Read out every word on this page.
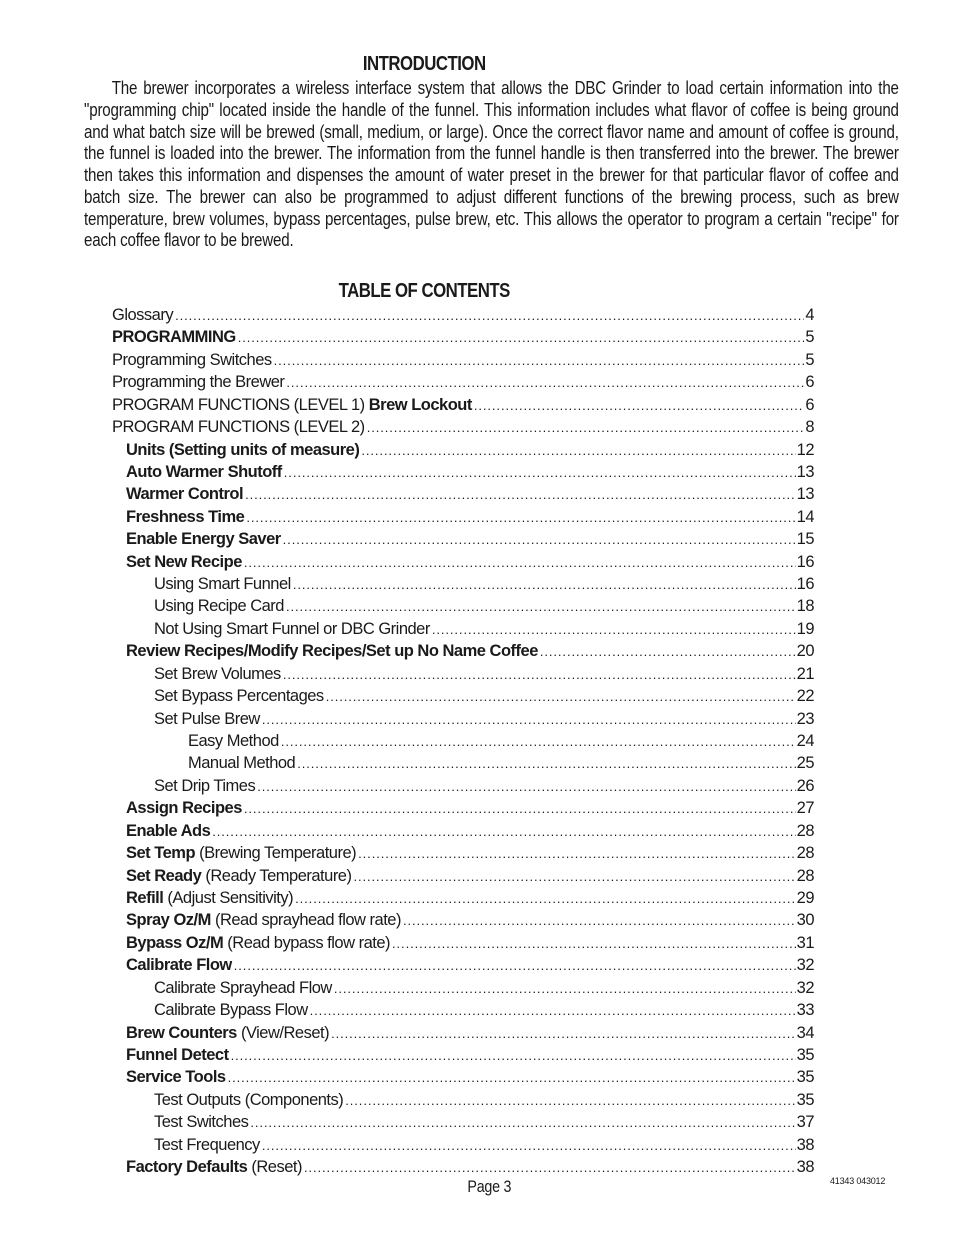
INTRODUCTION

The brewer incorporates a wireless interface system that allows the DBC Grinder to load certain information into the "programming chip" located inside the handle of the funnel. This information includes what flavor of coffee is being ground and what batch size will be brewed (small, medium, or large). Once the correct flavor name and amount of coffee is ground, the funnel is loaded into the brewer. The information from the funnel handle is then transferred into the brewer. The brewer then takes this information and dispenses the amount of water preset in the brewer for that particular flavor of coffee and batch size. The brewer can also be programmed to adjust different functions of the brewing process, such as brew temperature, brew volumes, bypass percentages, pulse brew, etc. This allows the operator to program a certain "recipe" for each coffee flavor to be brewed.

TABLE OF CONTENTS
Glossary .....	4
PROGRAMMING .....	5
Programming Switches .....	5
Programming the Brewer .....	6
PROGRAM FUNCTIONS (LEVEL 1) Brew Lockout .....	6
PROGRAM FUNCTIONS (LEVEL 2) .....	8
Units (Setting units of measure) .....	12
Auto Warmer Shutoff .....	13
Warmer Control .....	13
Freshness Time .....	14
Enable Energy Saver .....	15
Set New Recipe .....	16
Using Smart Funnel .....	16
Using Recipe Card .....	18
Not Using Smart Funnel or DBC Grinder .....	19
Review Recipes/Modify Recipes/Set up No Name Coffee .....	20
Set Brew Volumes .....	21
Set Bypass Percentages .....	22
Set Pulse Brew .....	23
Easy Method .....	24
Manual Method .....	25
Set Drip Times .....	26
Assign Recipes .....	27
Enable Ads .....	28
Set Temp (Brewing Temperature) .....	28
Set Ready (Ready Temperature) .....	28
Refill (Adjust Sensitivity) .....	29
Spray Oz/M (Read sprayhead flow rate) .....	30
Bypass Oz/M (Read bypass flow rate) .....	31
Calibrate Flow .....	32
Calibrate Sprayhead Flow .....	32
Calibrate Bypass Flow .....	33
Brew Counters (View/Reset) .....	34
Funnel Detect .....	35
Service Tools .....	35
Test Outputs (Components) .....	35
Test Switches .....	37
Test Frequency .....	38
Factory Defaults (Reset) .....	38
Page 3	41343 043012
